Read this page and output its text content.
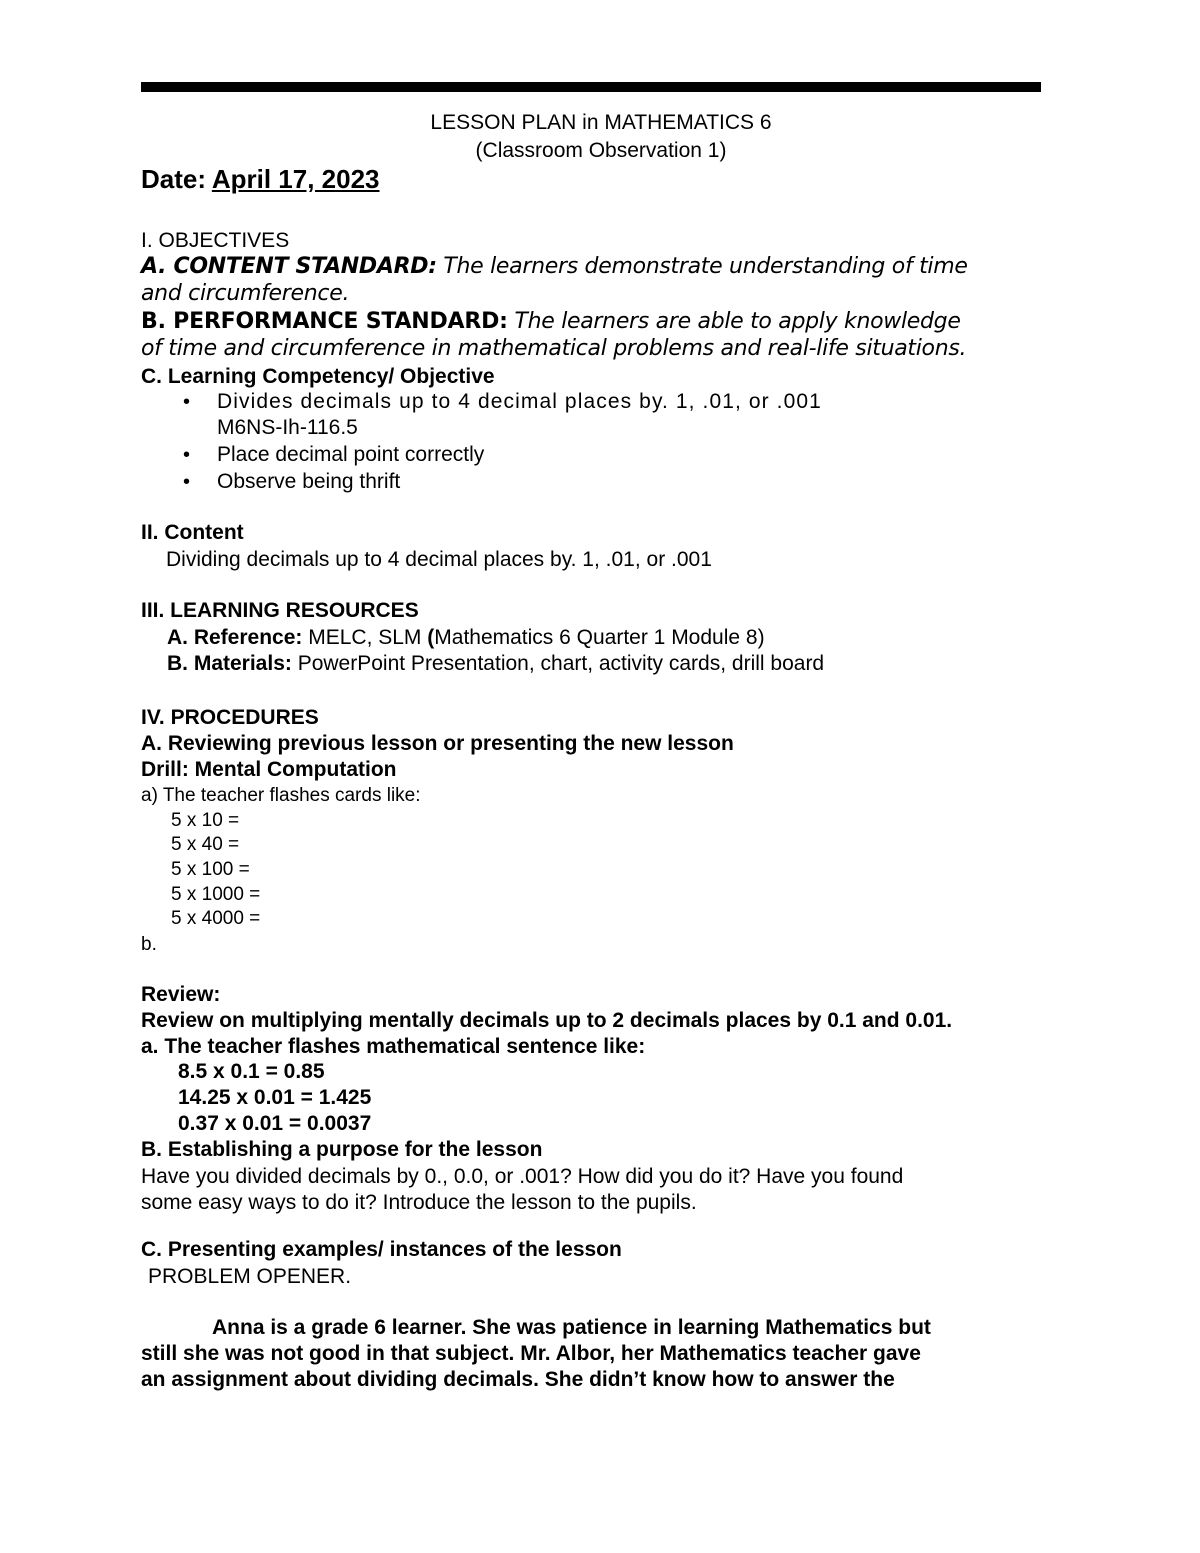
LESSON PLAN in MATHEMATICS 6
(Classroom Observation 1)
Date: April 17, 2023
I. OBJECTIVES
A. CONTENT STANDARD: The learners demonstrate understanding of time
and circumference.
B. PERFORMANCE STANDARD: The learners are able to apply knowledge
of time and circumference in mathematical problems and real-life situations.
C. Learning Competency/ Objective
• Divides decimals up to 4 decimal places by. 1, .01, or .001
M6NS-Ih-116.5
• Place decimal point correctly
• Observe being thrift
II. Content
Dividing decimals up to 4 decimal places by. 1, .01, or .001
III. LEARNING RESOURCES
A. Reference: MELC, SLM (Mathematics 6 Quarter 1 Module 8)
B. Materials: PowerPoint Presentation, chart, activity cards, drill board
IV. PROCEDURES
A. Reviewing previous lesson or presenting the new lesson
Drill: Mental Computation
a) The teacher flashes cards like:
5 x 10 =
5 x 40 =
5 x 100 =
5 x 1000 =
5 x 4000 =
b.
Review:
Review on multiplying mentally decimals up to 2 decimals places by 0.1 and 0.01.
a. The teacher flashes mathematical sentence like:
8.5 x 0.1 = 0.85
14.25 x 0.01 = 1.425
0.37 x 0.01 = 0.0037
B. Establishing a purpose for the lesson
Have you divided decimals by 0., 0.0, or .001? How did you do it? Have you found
some easy ways to do it? Introduce the lesson to the pupils.
C. Presenting examples/ instances of the lesson
PROBLEM OPENER.
Anna is a grade 6 learner. She was patience in learning Mathematics but
still she was not good in that subject. Mr. Albor, her Mathematics teacher gave
an assignment about dividing decimals. She didn’t know how to answer the
